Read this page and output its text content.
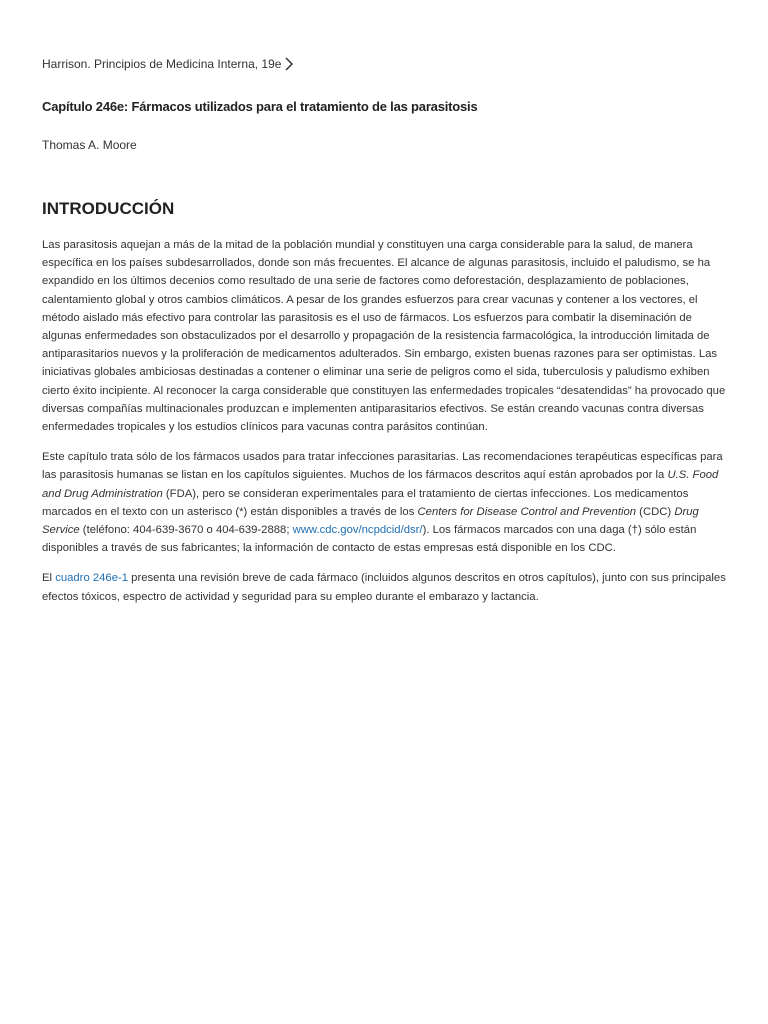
Harrison. Principios de Medicina Interna, 19e
Capítulo 246e: Fármacos utilizados para el tratamiento de las parasitosis
Thomas A. Moore
INTRODUCCIÓN

Las parasitosis aquejan a más de la mitad de la población mundial y constituyen una carga considerable para la salud, de manera específica en los países subdesarrollados, donde son más frecuentes. El alcance de algunas parasitosis, incluido el paludismo, se ha expandido en los últimos decenios como resultado de una serie de factores como deforestación, desplazamiento de poblaciones, calentamiento global y otros cambios climáticos. A pesar de los grandes esfuerzos para crear vacunas y contener a los vectores, el método aislado más efectivo para controlar las parasitosis es el uso de fármacos. Los esfuerzos para combatir la diseminación de algunas enfermedades son obstaculizados por el desarrollo y propagación de la resistencia farmacológica, la introducción limitada de antiparasitarios nuevos y la proliferación de medicamentos adulterados. Sin embargo, existen buenas razones para ser optimistas. Las iniciativas globales ambiciosas destinadas a contener o eliminar una serie de peligros como el sida, tuberculosis y paludismo exhiben cierto éxito incipiente. Al reconocer la carga considerable que constituyen las enfermedades tropicales “desatendidas” ha provocado que diversas compañías multinacionales produzcan e implementen antiparasitarios efectivos. Se están creando vacunas contra diversas enfermedades tropicales y los estudios clínicos para vacunas contra parásitos continúan.

Este capítulo trata sólo de los fármacos usados para tratar infecciones parasitarias. Las recomendaciones terapéuticas específicas para las parasitosis humanas se listan en los capítulos siguientes. Muchos de los fármacos descritos aquí están aprobados por la U.S. Food and Drug Administration (FDA), pero se consideran experimentales para el tratamiento de ciertas infecciones. Los medicamentos marcados en el texto con un asterisco (*) están disponibles a través de los Centers for Disease Control and Prevention (CDC) Drug Service (teléfono: 404-639-3670 o 404-639-2888; www.cdc.gov/ncpdcid/dsr/). Los fármacos marcados con una daga (†) sólo están disponibles a través de sus fabricantes; la información de contacto de estas empresas está disponible en los CDC.

El cuadro 246e-1 presenta una revisión breve de cada fármaco (incluidos algunos descritos en otros capítulos), junto con sus principales efectos tóxicos, espectro de actividad y seguridad para su empleo durante el embarazo y lactancia.
